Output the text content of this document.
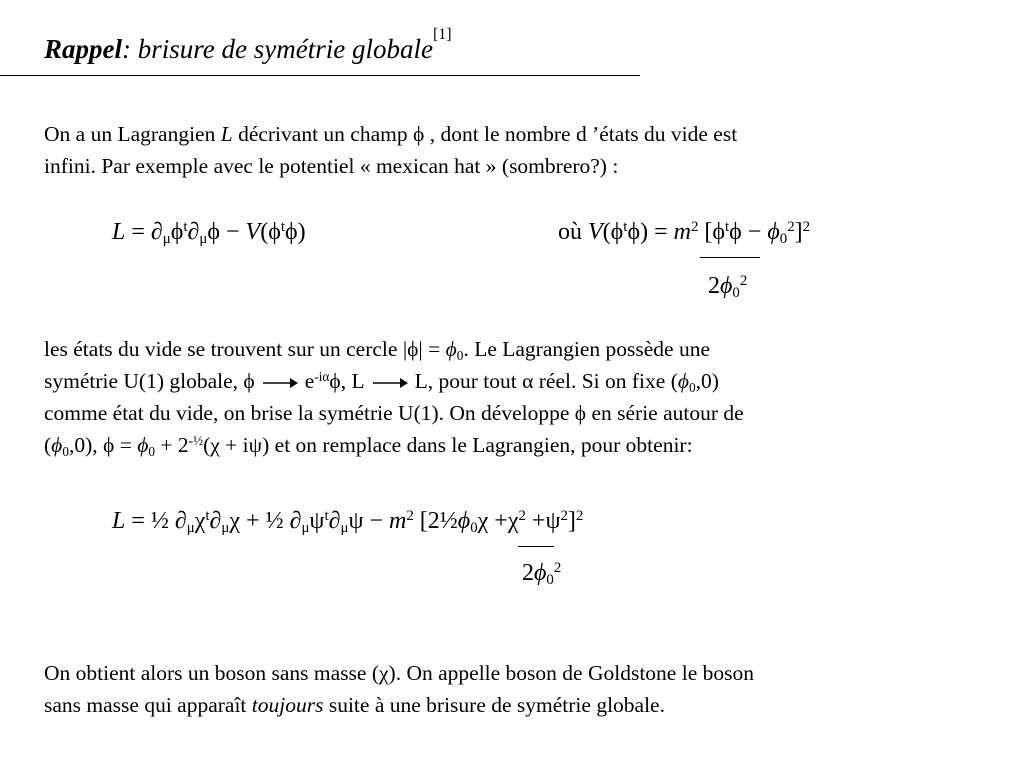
Rappel: brisure de symétrie globale[1]
On a un Lagrangien L décrivant un champ ϕ , dont le nombre d ’états du vide est
infini. Par exemple avec le potentiel « mexican hat » (sombrero?) :
$L = \partial_\mu\phi^t\partial_\mu\phi - V(\phi^t\phi)$	où $V(\phi^t\phi) = m^2$ $[\phi^t\phi - \phi_0^2]^2$
$2\phi_0^2$
les états du vide se trouvent sur un cercle $|\phi| = \phi_0$. Le Lagrangien possède une
symétrie U(1) globale, ϕ $e^{-i\alpha}\phi$, L L, pour tout α réel. Si on fixe $(\phi_0,0)$
comme état du vide, on brise la symétrie U(1). On développe ϕ en série autour de
$(\phi_0,0)$, $\phi = \phi_0 + 2^{-\frac{1}{2}}(\chi + i\psi)$ et on remplace dans le Lagrangien, pour obtenir:
L = ½ $\partial_\mu\chi^t\partial_\mu\chi$ + ½ $\partial_\mu\psi^t\partial_\mu\psi - m^2$ $[2\frac{1}{2}\phi_0\chi +\chi^2 +\psi^2]^2$
$2\phi_0^2$
On obtient alors un boson sans masse (χ). On appelle boson de Goldstone le boson
sans masse qui apparaît toujours suite à une brisure de symétrie globale.
